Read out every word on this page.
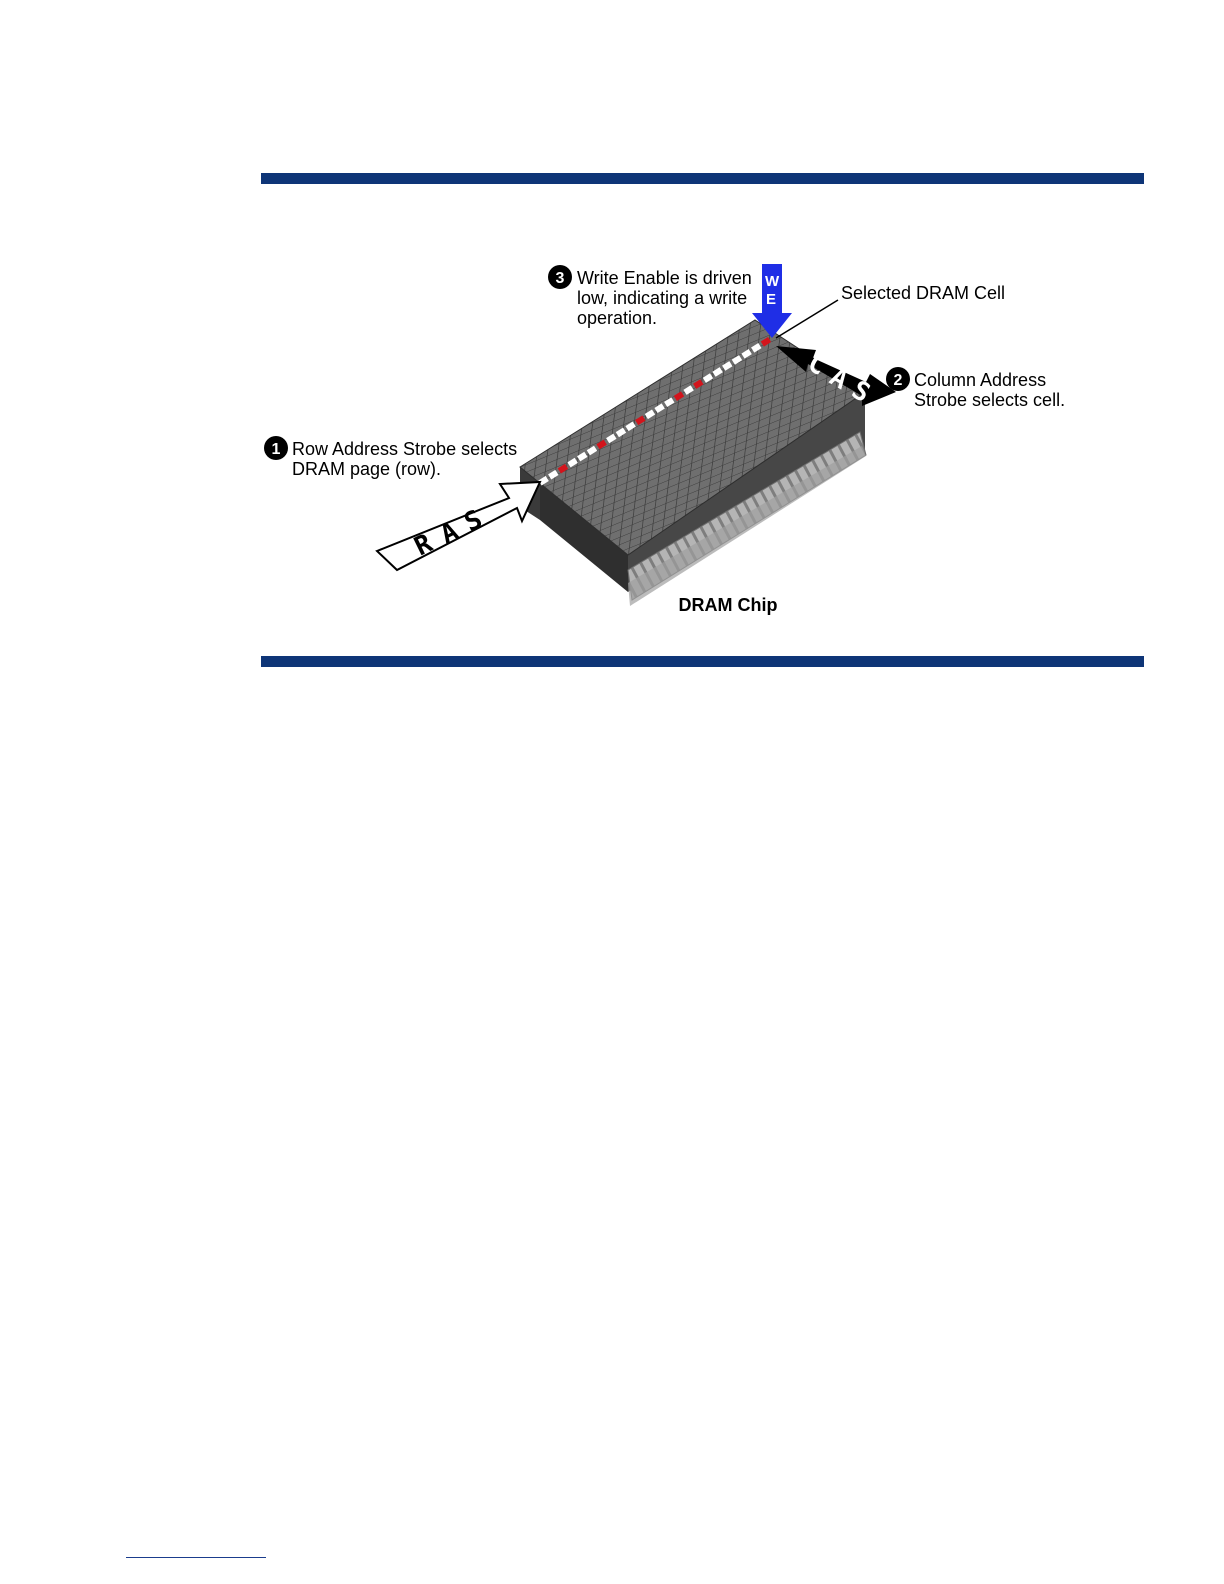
R
A
S
C
A
S
W
E
1 Row Address Strobe selects
DRAM page (row).
2 Column Address
Strobe selects cell.
3 Write Enable is driven
low, indicating a write
operation.
Selected DRAM Cell
DRAM Chip
